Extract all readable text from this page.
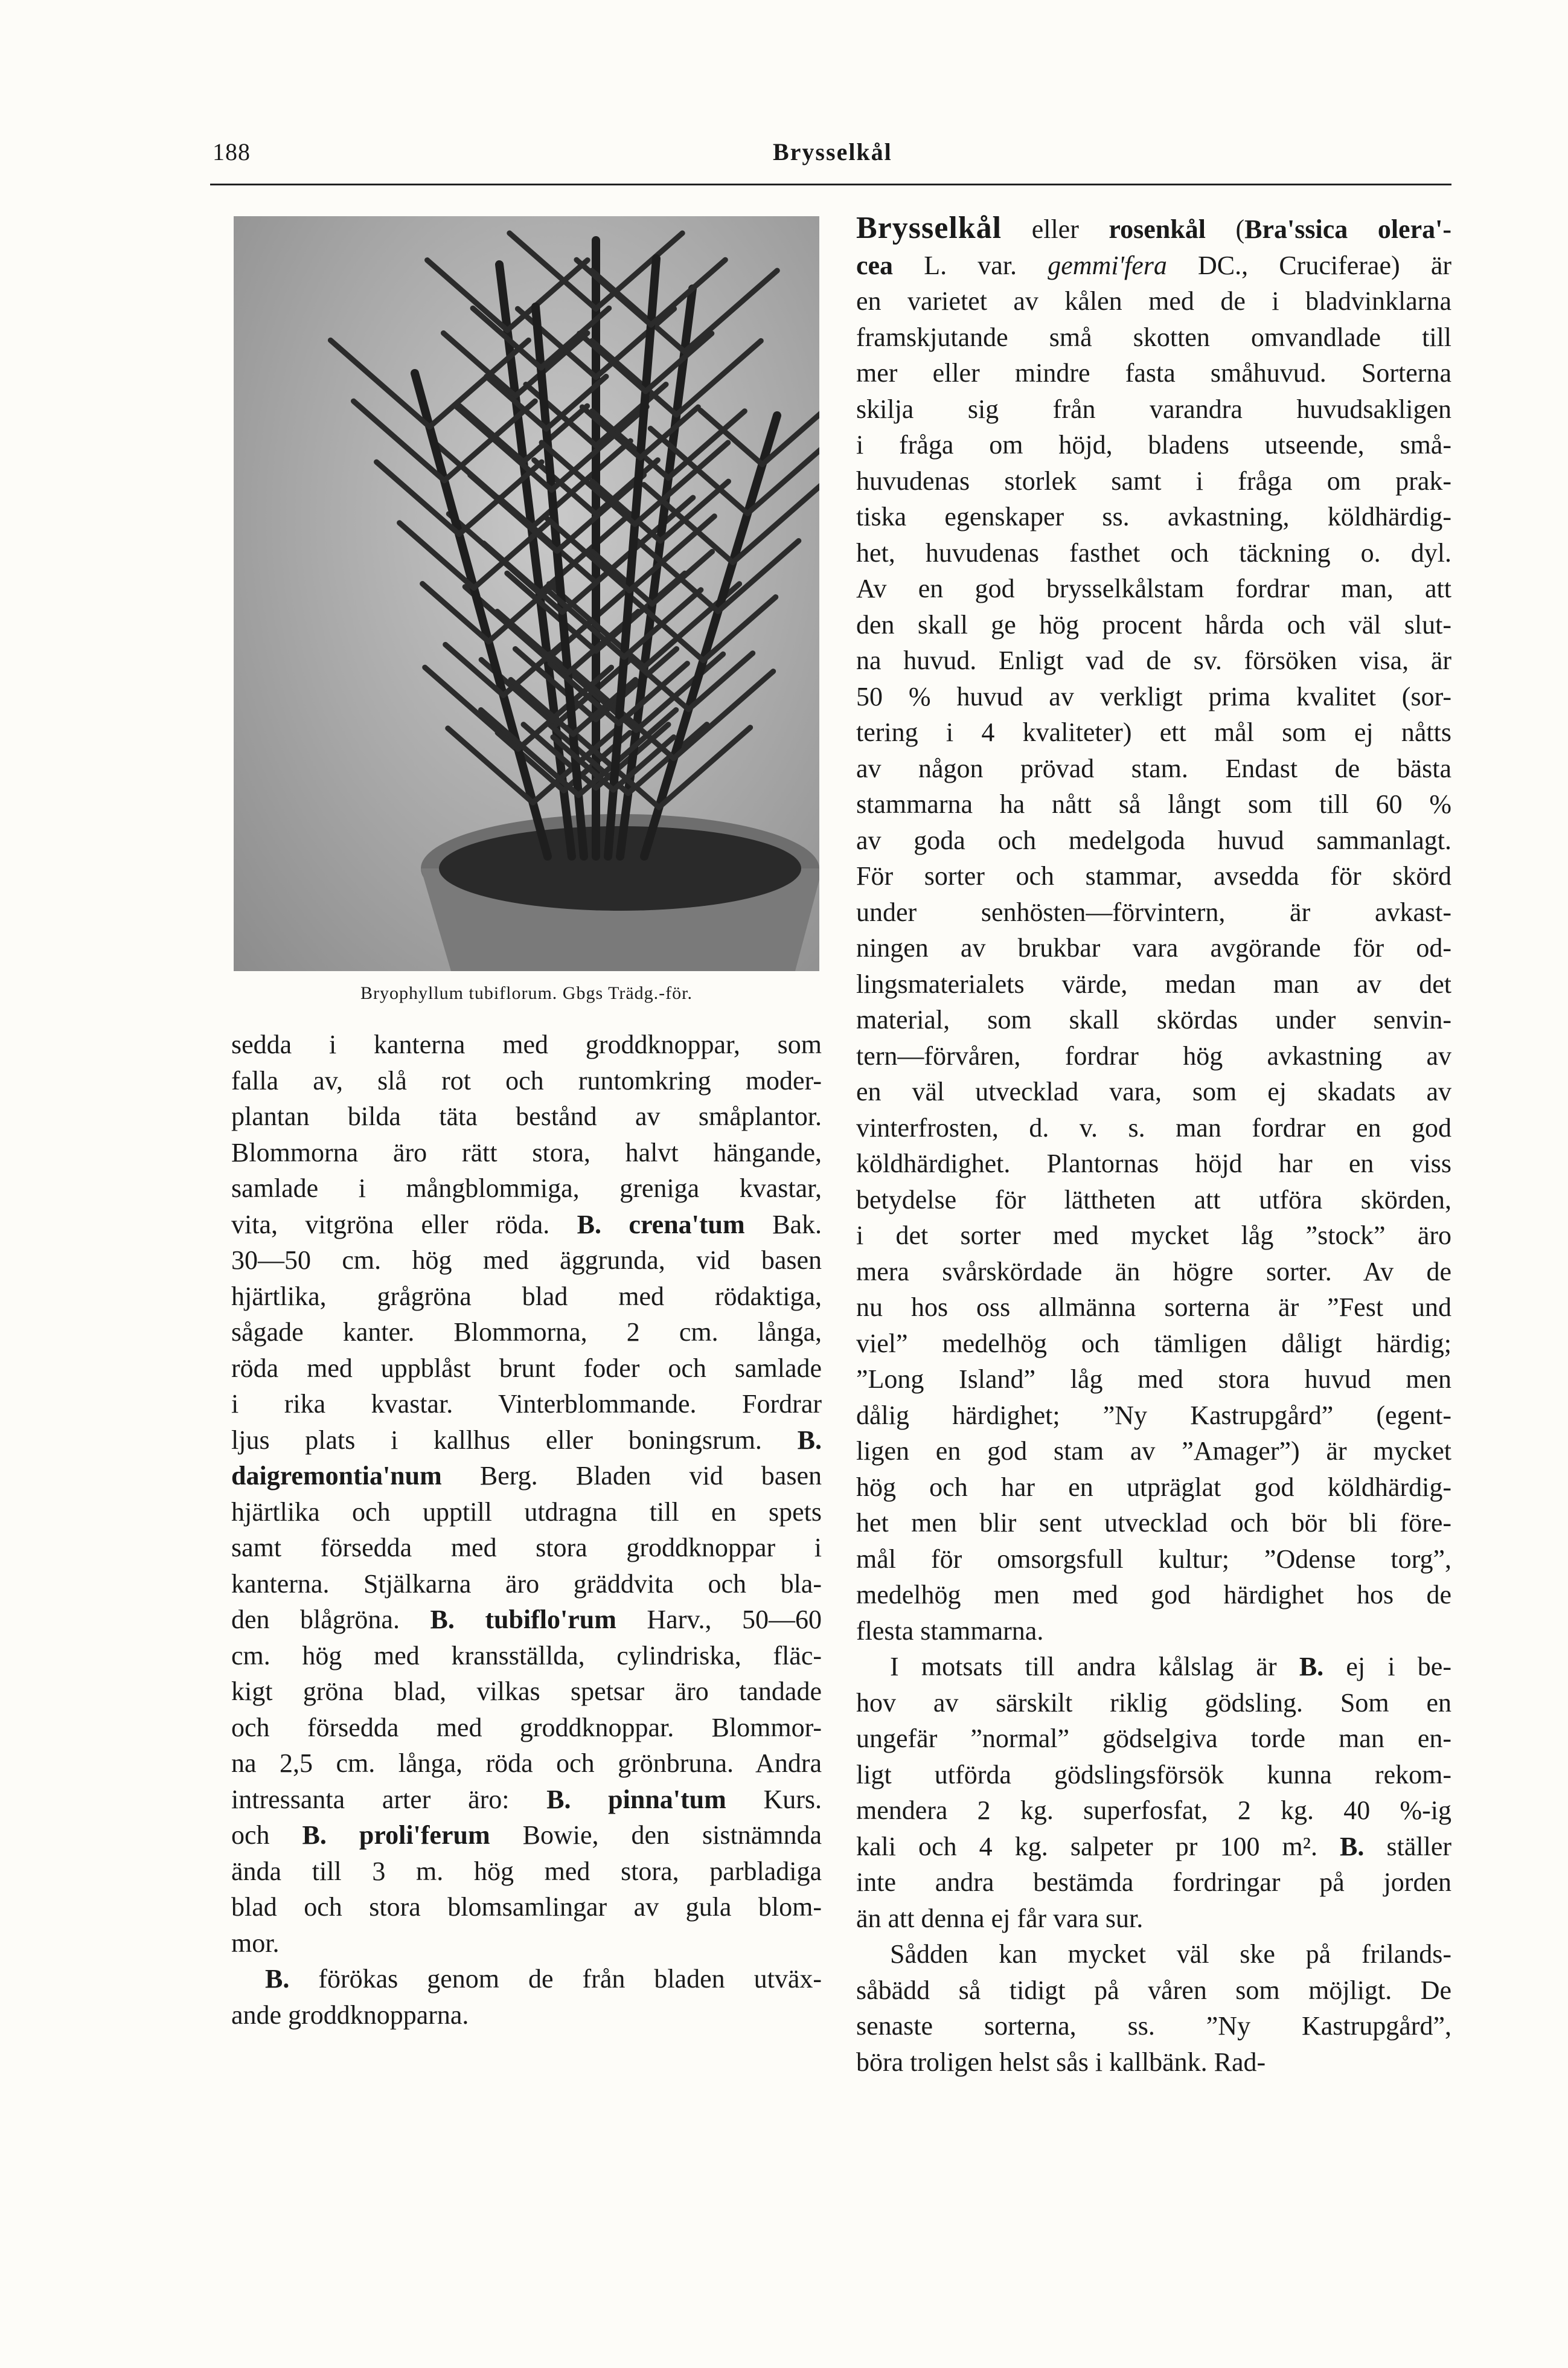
188	Brysselkål
Bryophyllum tubiflorum. Gbgs Trädg.-för.

sedda i kanterna med groddknoppar, som

falla av, slå rot och runtomkring moder-

plantan bilda täta bestånd av småplantor.

Blommorna äro rätt stora, halvt hängande,

samlade i mångblommiga, greniga kvastar,

vita, vitgröna eller röda. B. crena'tum Bak.

30—50 cm. hög med äggrunda, vid basen

hjärtlika, grågröna blad med rödaktiga,

sågade kanter. Blommorna, 2 cm. långa,

röda med uppblåst brunt foder och samlade

i rika kvastar. Vinterblommande. Fordrar

ljus plats i kallhus eller boningsrum. B.

daigremontia'num Berg. Bladen vid basen

hjärtlika och upptill utdragna till en spets

samt försedda med stora groddknoppar i

kanterna. Stjälkarna äro gräddvita och bla-

den blågröna. B. tubiflo'rum Harv., 50—60

cm. hög med kransställda, cylindriska, fläc-

kigt gröna blad, vilkas spetsar äro tandade

och försedda med groddknoppar. Blommor-

na 2,5 cm. långa, röda och grönbruna. Andra

intressanta arter äro: B. pinna'tum Kurs.

och B. proli'ferum Bowie, den sistnämnda

ända till 3 m. hög med stora, parbladiga

blad och stora blomsamlingar av gula blom-

mor.

B. förökas genom de från bladen utväx-

ande groddknopparna.

Brysselkål eller rosenkål (Bra'ssica olera'-

cea L. var. gemmi'fera DC., Cruciferae) är

en varietet av kålen med de i bladvinklarna

framskjutande små skotten omvandlade till

mer eller mindre fasta småhuvud. Sorterna

skilja sig från varandra huvudsakligen

i fråga om höjd, bladens utseende, små-

huvudenas storlek samt i fråga om prak-

tiska egenskaper ss. avkastning, köldhärdig-

het, huvudenas fasthet och täckning o. dyl.

Av en god brysselkålstam fordrar man, att

den skall ge hög procent hårda och väl slut-

na huvud. Enligt vad de sv. försöken visa, är

50 % huvud av verkligt prima kvalitet (sor-

tering i 4 kvaliteter) ett mål som ej nåtts

av någon prövad stam. Endast de bästa

stammarna ha nått så långt som till 60 %

av goda och medelgoda huvud sammanlagt.

För sorter och stammar, avsedda för skörd

under senhösten—förvintern, är avkast-

ningen av brukbar vara avgörande för od-

lingsmaterialets värde, medan man av det

material, som skall skördas under senvin-

tern—förvåren, fordrar hög avkastning av

en väl utvecklad vara, som ej skadats av

vinterfrosten, d. v. s. man fordrar en god

köldhärdighet. Plantornas höjd har en viss

betydelse för lättheten att utföra skörden,

i det sorter med mycket låg ”stock” äro

mera svårskördade än högre sorter. Av de

nu hos oss allmänna sorterna är ”Fest und

viel” medelhög och tämligen dåligt härdig;

”Long Island” låg med stora huvud men

dålig härdighet; ”Ny Kastrupgård” (egent-

ligen en god stam av ”Amager”) är mycket

hög och har en utpräglat god köldhärdig-

het men blir sent utvecklad och bör bli före-

mål för omsorgsfull kultur; ”Odense torg”,

medelhög men med god härdighet hos de

flesta stammarna.

I motsats till andra kålslag är B. ej i be-

hov av särskilt riklig gödsling. Som en

ungefär ”normal” gödselgiva torde man en-

ligt utförda gödslingsförsök kunna rekom-

mendera 2 kg. superfosfat, 2 kg. 40 %-ig

kali och 4 kg. salpeter pr 100 m². B. ställer

inte andra bestämda fordringar på jorden

än att denna ej får vara sur.

Sådden kan mycket väl ske på frilands-

såbädd så tidigt på våren som möjligt. De

senaste sorterna, ss. ”Ny Kastrupgård”,

böra troligen helst sås i kallbänk. Rad-
